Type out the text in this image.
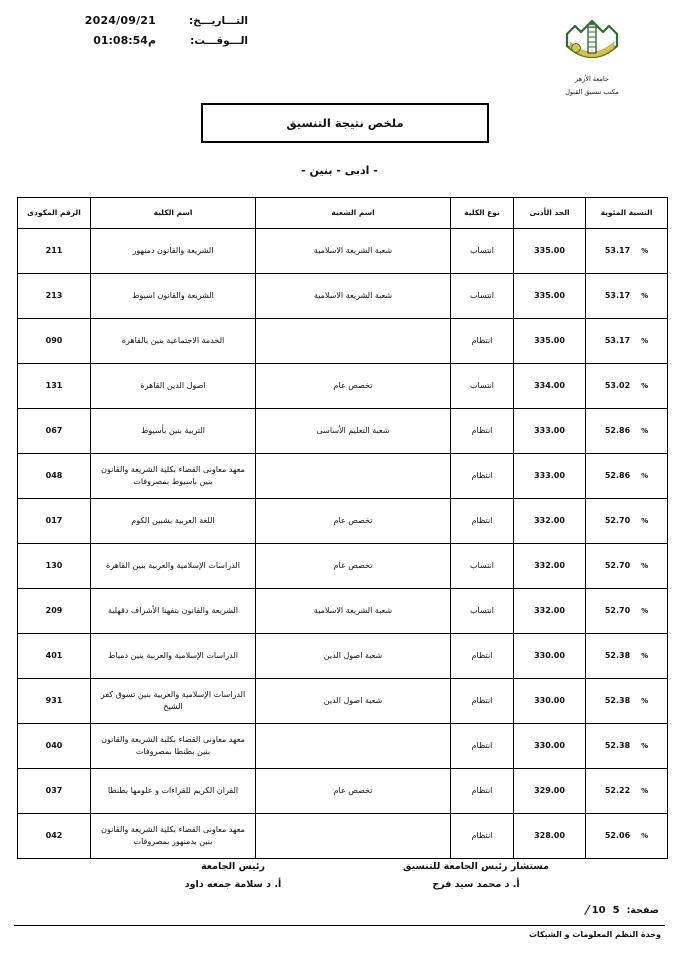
التـــاريـــخ:
2024/09/21
الـــوقـــت:
01:08:54م
جامعة الأزهر
مكتب تنسيق القبول
ملخص نتيجة التنسيق
- ادبى - بنين -
النسبة المئوية	الحد الأدنى	نوع الكلية	اسم الشعبة	اسم الكلية	الرقم المكودى

%
53.17	335.00	انتساب	شعبة الشريعة الاسلامية	الشريعة والقانون دمنهور	211

%
53.17	335.00	انتساب	شعبة الشريعة الاسلامية	الشريعة والقانون اسيوط	213

%
53.17	335.00	انتظام		الخدمة الاجتماعية بنين بالقاهرة	090

%
53.02	334.00	انتساب	تخصص عام	اصول الدين القاهرة	131

%
52.86	333.00	انتظام	شعبة التعليم الأساسى	التربية بنين بأسيوط	067

%
52.86	333.00	انتظام		معهد معاونى القضاء بكلية الشريعة والقانون بنين باسيوط بمصروفات	048

%
52.70	332.00	انتظام	تخصص عام	اللغة العربية بشبين الكوم	017

%
52.70	332.00	انتساب	تخصص عام	الدراسات الإسلامية والعربية بنين القاهرة	130

%
52.70	332.00	انتساب	شعبة الشريعة الاسلامية	الشريعة والقانون بتفهنا الأشراف دقهلية	209

%
52.38	330.00	انتظام	شعبة اصول الدين	الدراسات الإسلامية والعربية بنين دمياط	401

%
52.38	330.00	انتظام	شعبة اصول الدين	الدراسات الإسلامية والعربية بنين تسوق كفر الشيخ	931

%
52.38	330.00	انتظام		معهد معاونى القضاء بكلية الشريعة والقانون بنين بطنطا بمصروفات	040

%
52.22	329.00	انتظام	تخصص عام	القران الكريم للقراءات و علومها بطنطا	037

%
52.06	328.00	انتظام		معهد معاونى القضاء بكلية الشريعة والقانون بنين بدمنهور بمصروفات	042
مستشار رئيس الجامعة للتنسيق
أ. د محمد سيد فرج
رئيس الجامعة
أ. د سلامة جمعه داود
/	صفحة:
5
10
وحدة النظم المعلومات و الشبكات
